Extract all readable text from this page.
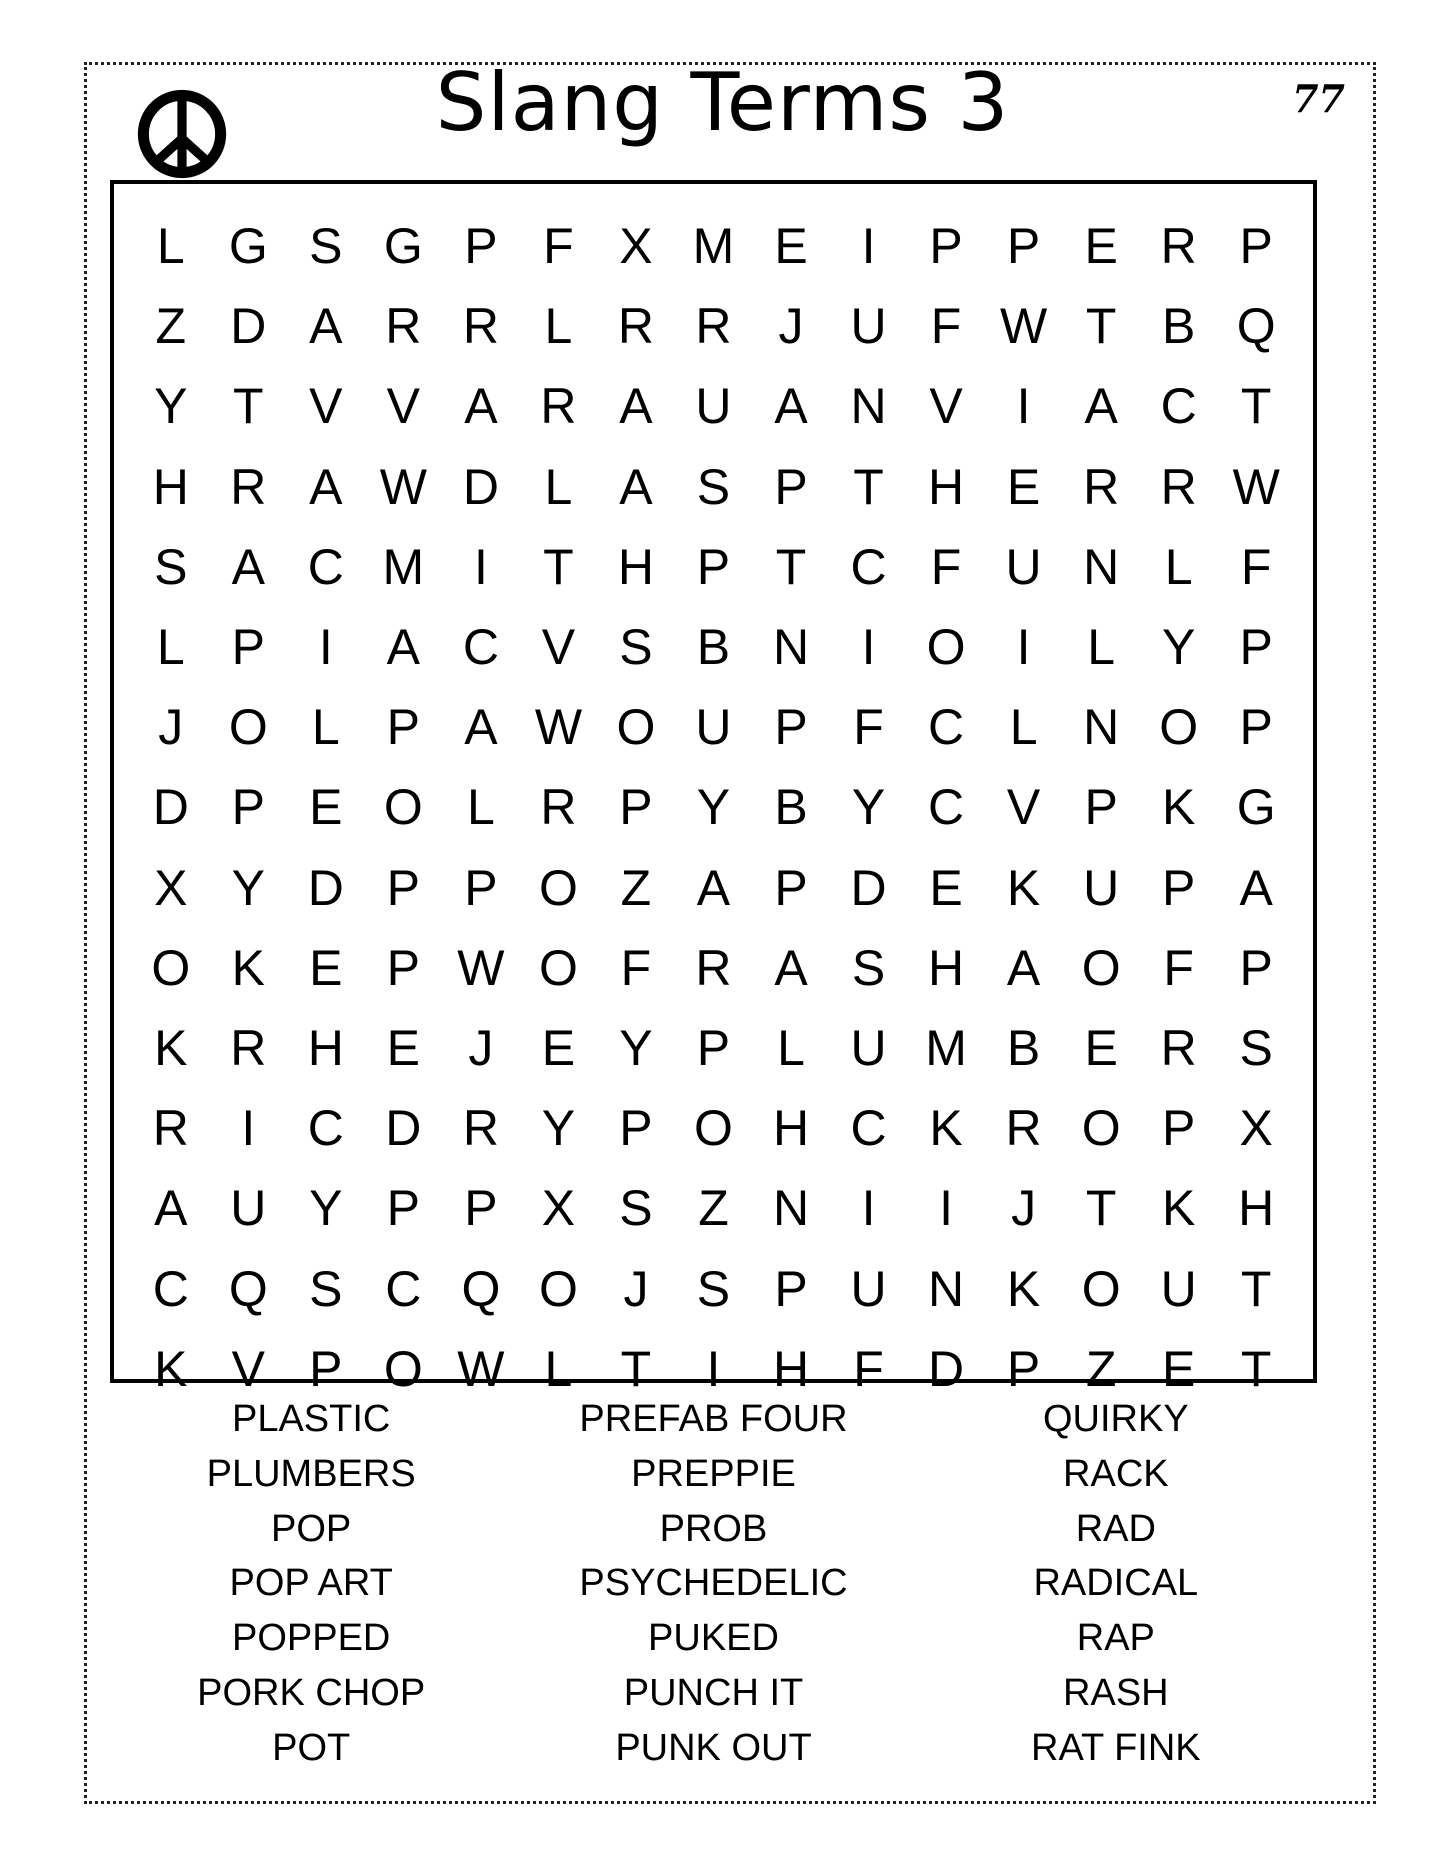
Slang Terms 3	77
L G S G P F X M E	I	P P E R P
Z D A R R L R R J U F W T B Q
Y T V V A R A U A N V	I	A C T
H R A W D L A S P T H E R R W
S A C M I	T H P T C F U N L F
L P	I	A C V S B N	I	O	I	L Y P
J O L P A W O U P F C L N O P
D P E O L R P Y B Y C V P K G
X Y D P P O Z A P D E K U P A
O K E P W O F R A S H A O F P
K R H E J E Y P L U M B E R S
R	I	C D R Y P O H C K R O P X
A U Y P P X S Z N	I	I	J T K H
C Q S C Q O J S P U N K O U T
K V P O W L T	I	H F D P Z E T
PLASTIC
PLUMBERS
POP
POP ART
POPPED
PORK CHOP
POT
PREFAB FOUR
PREPPIE
PROB
PSYCHEDELIC
PUKED
PUNCH IT
PUNK OUT
QUIRKY
RACK
RAD
RADICAL
RAP
RASH
RAT FINK
